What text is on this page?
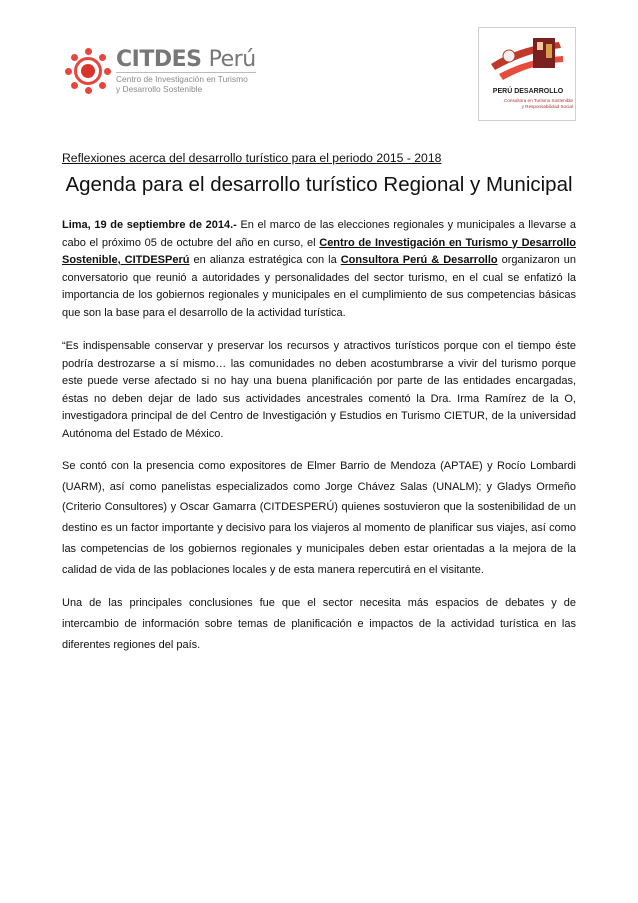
CITDES Perú
Centro de Investigación en Turismo
y Desarrollo Sostenible	PERÚ DESARROLLO
Consultora en Turismo Sostenible
y Responsabilidad Social

Reflexiones acerca del desarrollo turístico para el periodo 2015 - 2018

Agenda para el desarrollo turístico Regional y Municipal

Lima, 19 de septiembre de 2014.- En el marco de las elecciones regionales y municipales a llevarse a cabo el próximo 05 de octubre del año en curso, el Centro de Investigación en Turismo y Desarrollo Sostenible, CITDESPerú en alianza estratégica con la Consultora Perú & Desarrollo organizaron un conversatorio que reunió a autoridades y personalidades del sector turismo, en el cual se enfatizó la importancia de los gobiernos regionales y municipales en el cumplimiento de sus competencias básicas que son la base para el desarrollo de la actividad turística.

“Es indispensable conservar y preservar los recursos y atractivos turísticos porque con el tiempo éste podría destrozarse a sí mismo… las comunidades no deben acostumbrarse a vivir del turismo porque este puede verse afectado si no hay una buena planificación por parte de las entidades encargadas, éstas no deben dejar de lado sus actividades ancestrales comentó la Dra. Irma Ramírez de la O, investigadora principal de del Centro de Investigación y Estudios en Turismo CIETUR, de la universidad Autónoma del Estado de México.

Se contó con la presencia como expositores de Elmer Barrio de Mendoza (APTAE) y Rocío Lombardi (UARM), así como panelistas especializados como Jorge Chávez Salas (UNALM); y Gladys Ormeño (Criterio Consultores) y Oscar Gamarra (CITDESPERÚ) quienes sostuvieron que la sostenibilidad de un destino es un factor importante y decisivo para los viajeros al momento de planificar sus viajes, así como las competencias de los gobiernos regionales y municipales deben estar orientadas a la mejora de la calidad de vida de las poblaciones locales y de esta manera repercutirá en el visitante.

Una de las principales conclusiones fue que el sector necesita más espacios de debates y de intercambio de información sobre temas de planificación e impactos de la actividad turística en las diferentes regiones del país.
